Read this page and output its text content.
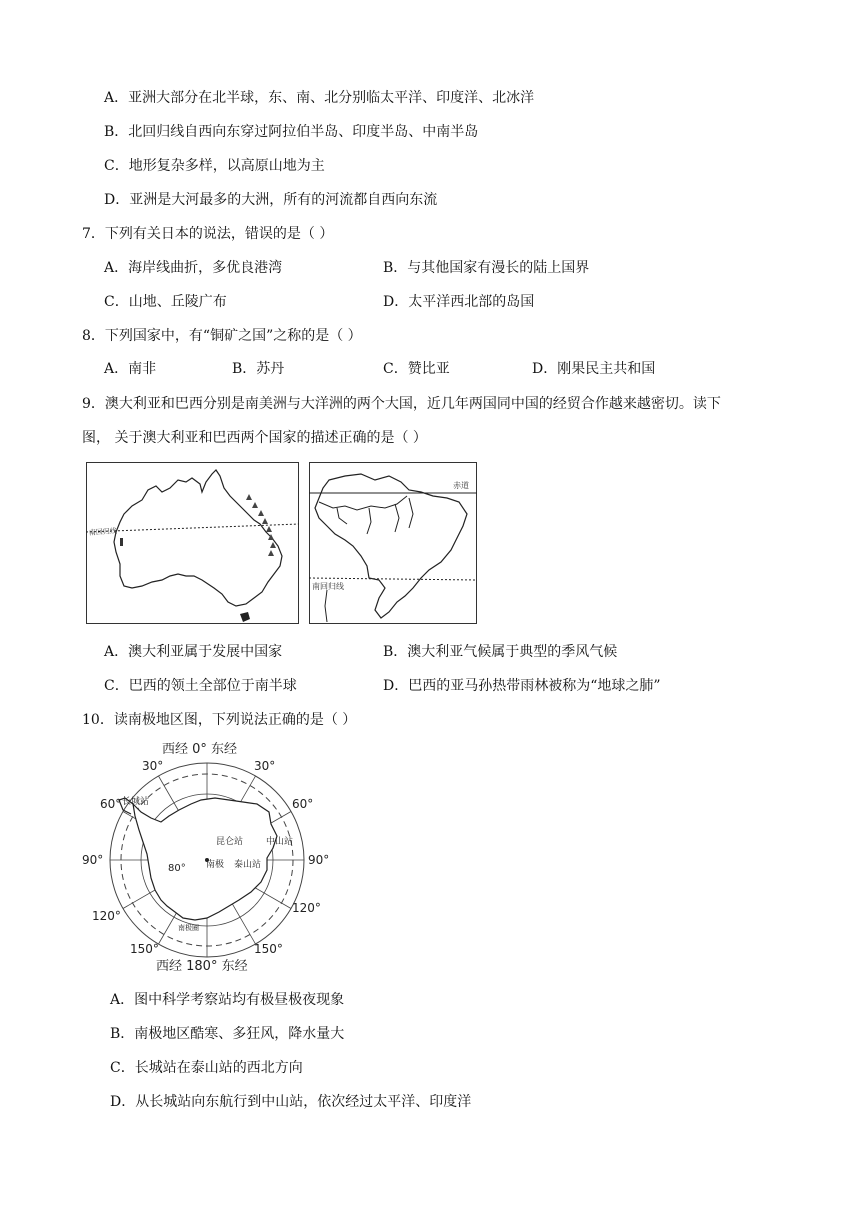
A．亚洲大部分在北半球，东、南、北分别临太平洋、印度洋、北冰洋
B．北回归线自西向东穿过阿拉伯半岛、印度半岛、中南半岛
C．地形复杂多样，以高原山地为主
D．亚洲是大河最多的大洲，所有的河流都自西向东流
7．下列有关日本的说法，错误的是（ ）
A．海岸线曲折，多优良港湾	B．与其他国家有漫长的陆上国界
C．山地、丘陵广布	D．太平洋西北部的岛国
8．下列国家中，有“铜矿之国”之称的是（ ）
A．南非	B．苏丹	C．赞比亚	D．刚果民主共和国
9．澳大利亚和巴西分别是南美洲与大洋洲的两个大国，近几年两国同中国的经贸合作越来越密切。读下
图， 关于澳大利亚和巴西两个国家的描述正确的是（ ）
南回归线
赤道
南回归线
A．澳大利亚属于发展中国家	B．澳大利亚气候属于典型的季风气候
C．巴西的领土全部位于南半球	D．巴西的亚马孙热带雨林被称为“地球之肺”
10．读南极地区图，下列说法正确的是（ ）
西经 0° 东经
西经 180° 东经
30°	30°
60°	60°
90°	90°
120°
120°
150°	150°
80°
长城站
昆仑站	中山站
南极 泰山站
南极圈
A．图中科学考察站均有极昼极夜现象
B．南极地区酷寒、多狂风，降水量大
C．长城站在泰山站的西北方向
D．从长城站向东航行到中山站，依次经过太平洋、印度洋
